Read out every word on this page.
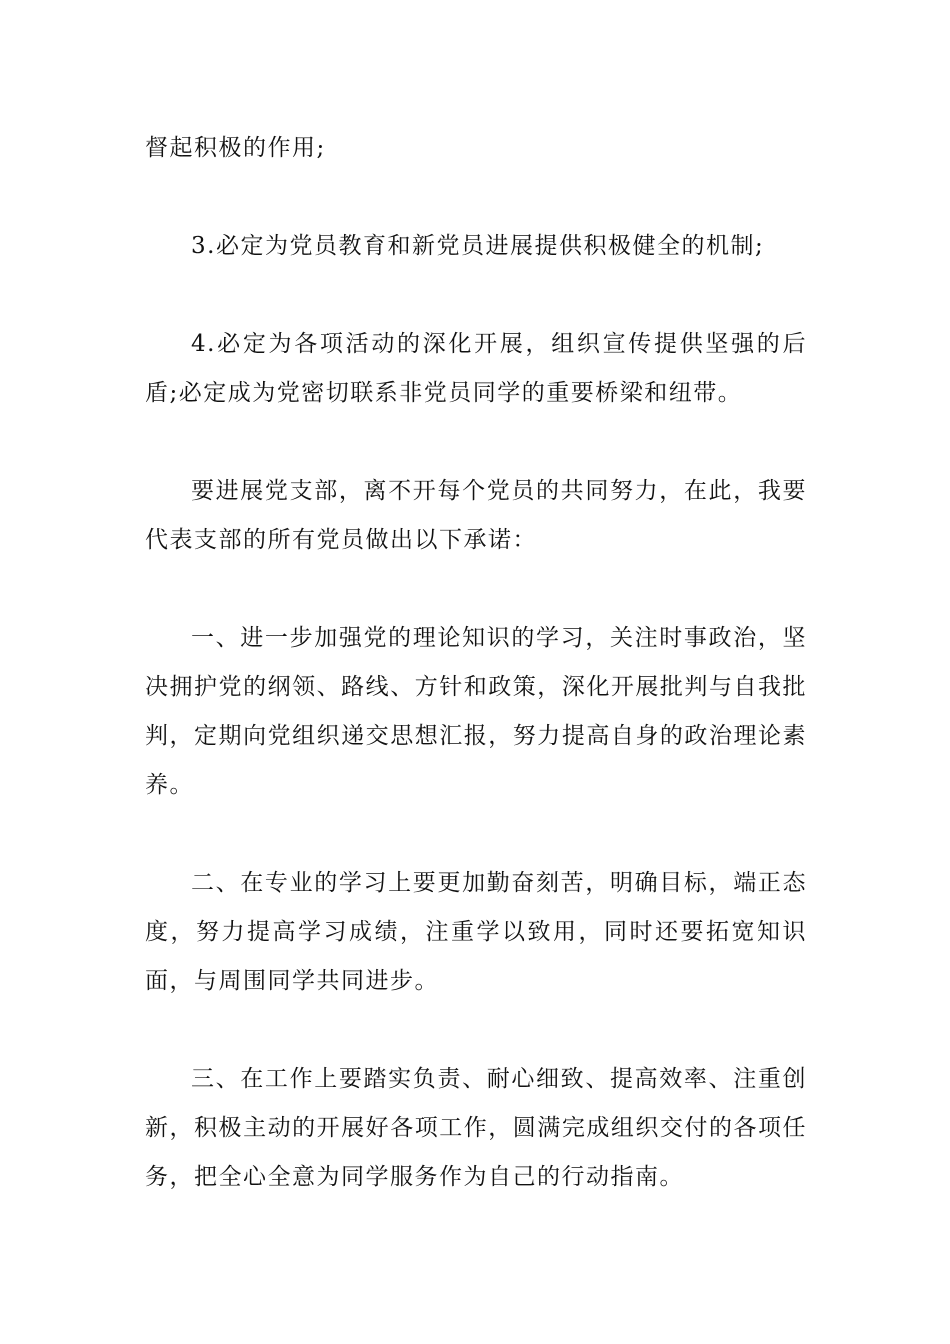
督起积极的作用;

3.必定为党员教育和新党员进展提供积极健全的机制;

4.必定为各项活动的深化开展，组织宣传提供坚强的后盾;必定成为党密切联系非党员同学的重要桥梁和纽带。

要进展党支部，离不开每个党员的共同努力，在此，我要代表支部的所有党员做出以下承诺：

一、进一步加强党的理论知识的学习，关注时事政治，坚决拥护党的纲领、路线、方针和政策，深化开展批判与自我批判，定期向党组织递交思想汇报，努力提高自身的政治理论素养。

二、在专业的学习上要更加勤奋刻苦，明确目标，端正态度，努力提高学习成绩，注重学以致用，同时还要拓宽知识面，与周围同学共同进步。

三、在工作上要踏实负责、耐心细致、提高效率、注重创新，积极主动的开展好各项工作，圆满完成组织交付的各项任务，把全心全意为同学服务作为自己的行动指南。
